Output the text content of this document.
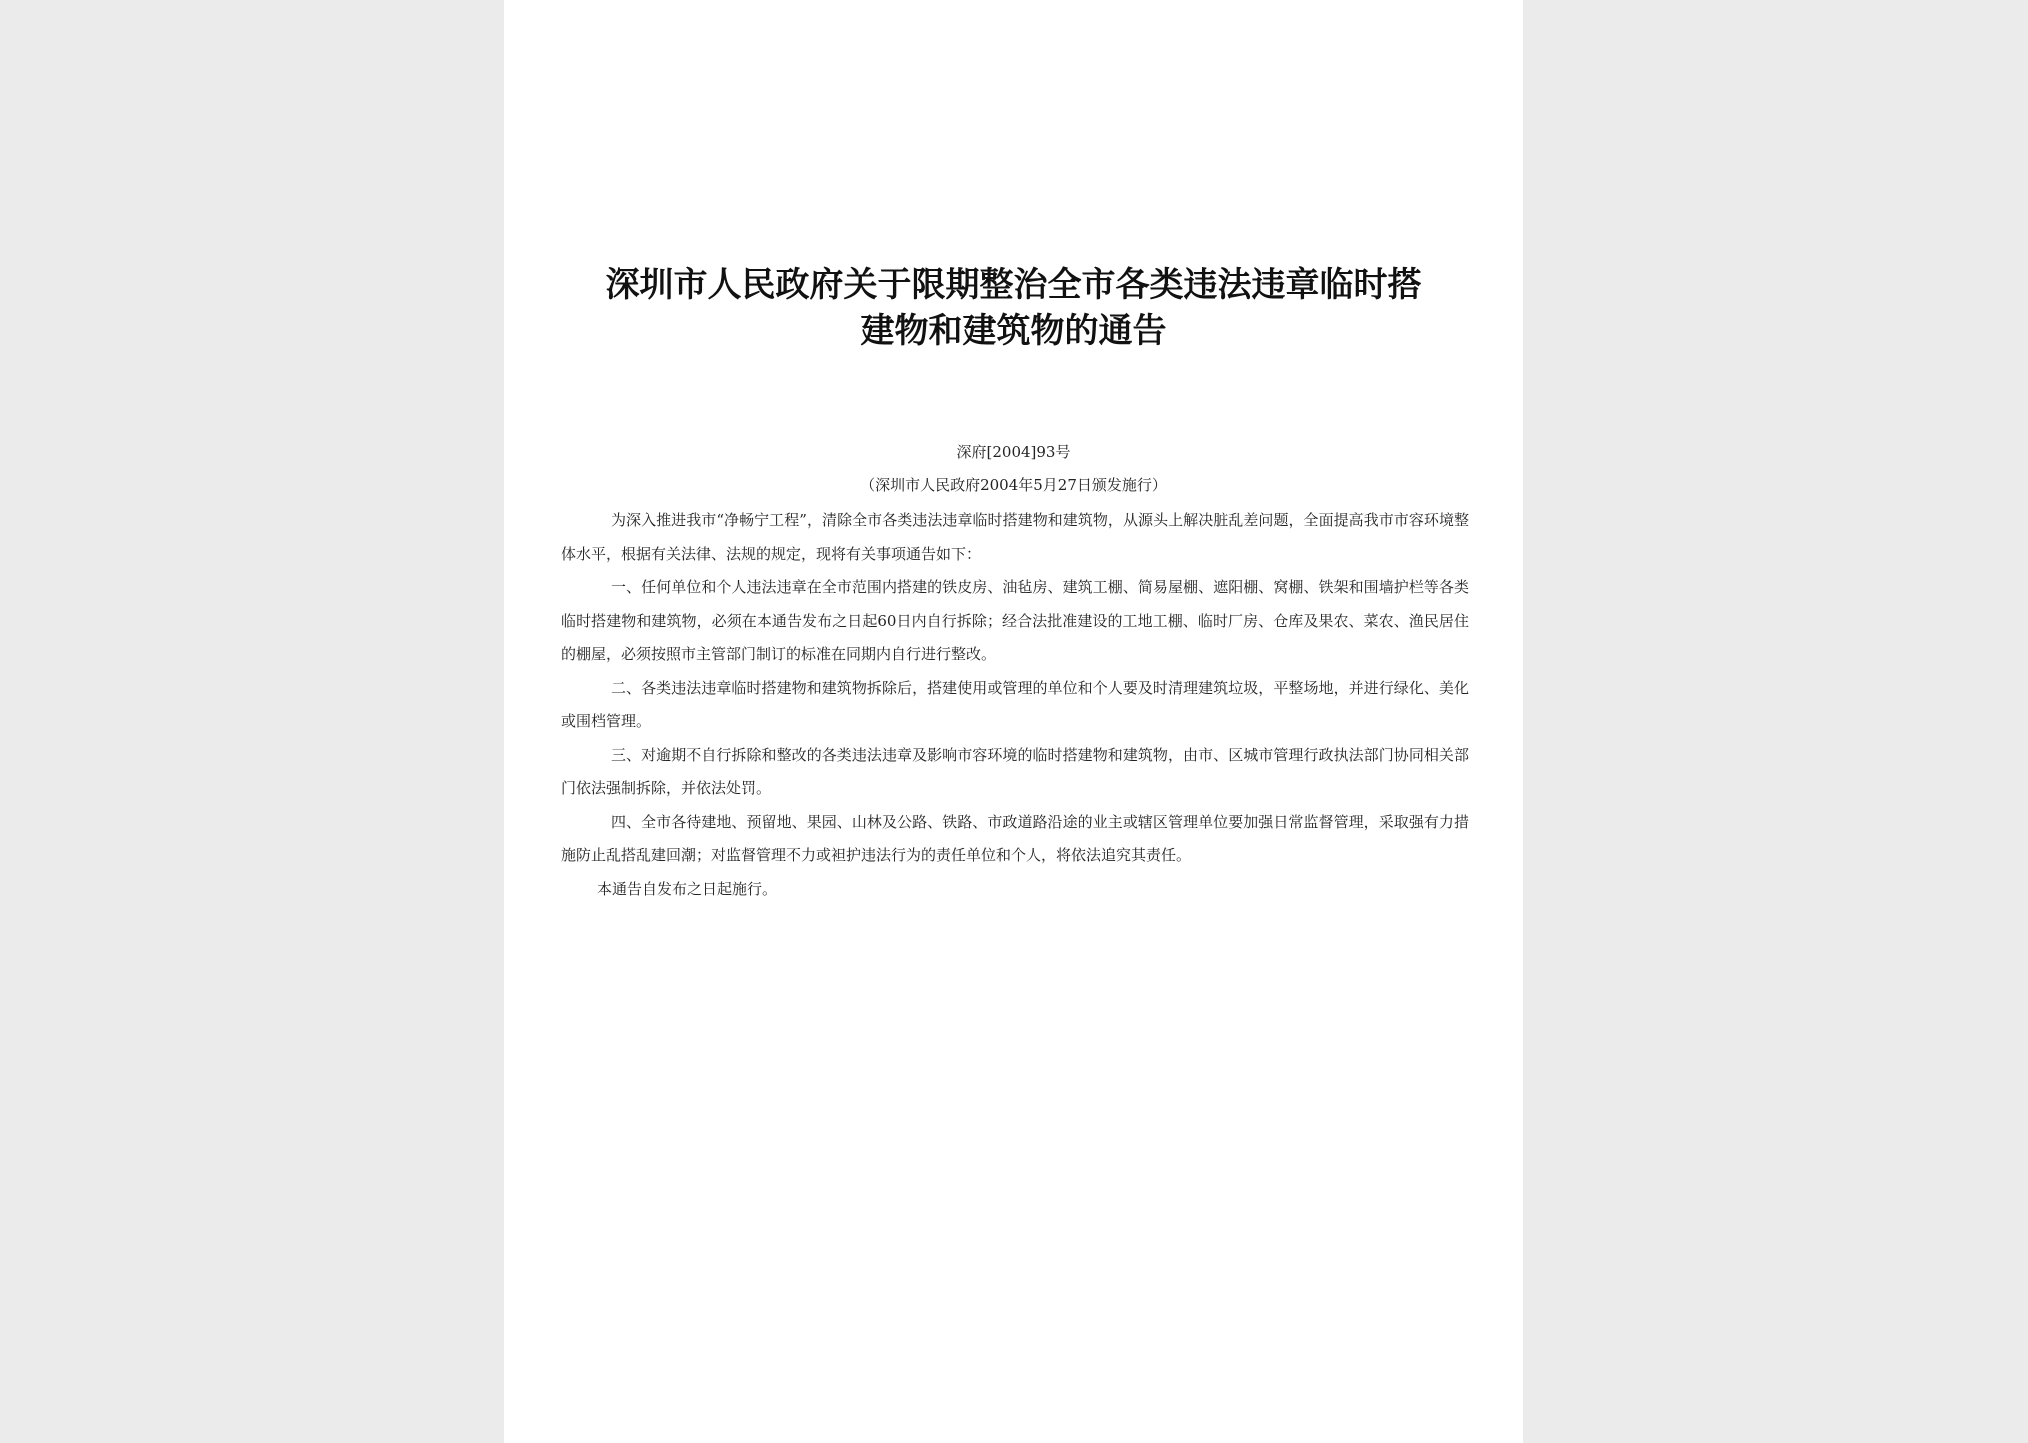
深圳市人民政府关于限期整治全市各类违法违章临时搭
建物和建筑物的通告
深府[2004]93号
（深圳市人民政府2004年5月27日颁发施行）

为深入推进我市“净畅宁工程”，清除全市各类违法违章临时搭建物和建筑物，从源头上解决脏乱差问题，全面提高我市市容环境整体水平，根据有关法律、法规的规定，现将有关事项通告如下：

一、任何单位和个人违法违章在全市范围内搭建的铁皮房、油毡房、建筑工棚、简易屋棚、遮阳棚、窝棚、铁架和围墙护栏等各类临时搭建物和建筑物，必须在本通告发布之日起60日内自行拆除；经合法批准建设的工地工棚、临时厂房、仓库及果农、菜农、渔民居住的棚屋，必须按照市主管部门制订的标准在同期内自行进行整改。

二、各类违法违章临时搭建物和建筑物拆除后，搭建使用或管理的单位和个人要及时清理建筑垃圾，平整场地，并进行绿化、美化或围档管理。

三、对逾期不自行拆除和整改的各类违法违章及影响市容环境的临时搭建物和建筑物，由市、区城市管理行政执法部门协同相关部门依法强制拆除，并依法处罚。

四、全市各待建地、预留地、果园、山林及公路、铁路、市政道路沿途的业主或辖区管理单位要加强日常监督管理，采取强有力措施防止乱搭乱建回潮；对监督管理不力或袒护违法行为的责任单位和个人，将依法追究其责任。

本通告自发布之日起施行。
